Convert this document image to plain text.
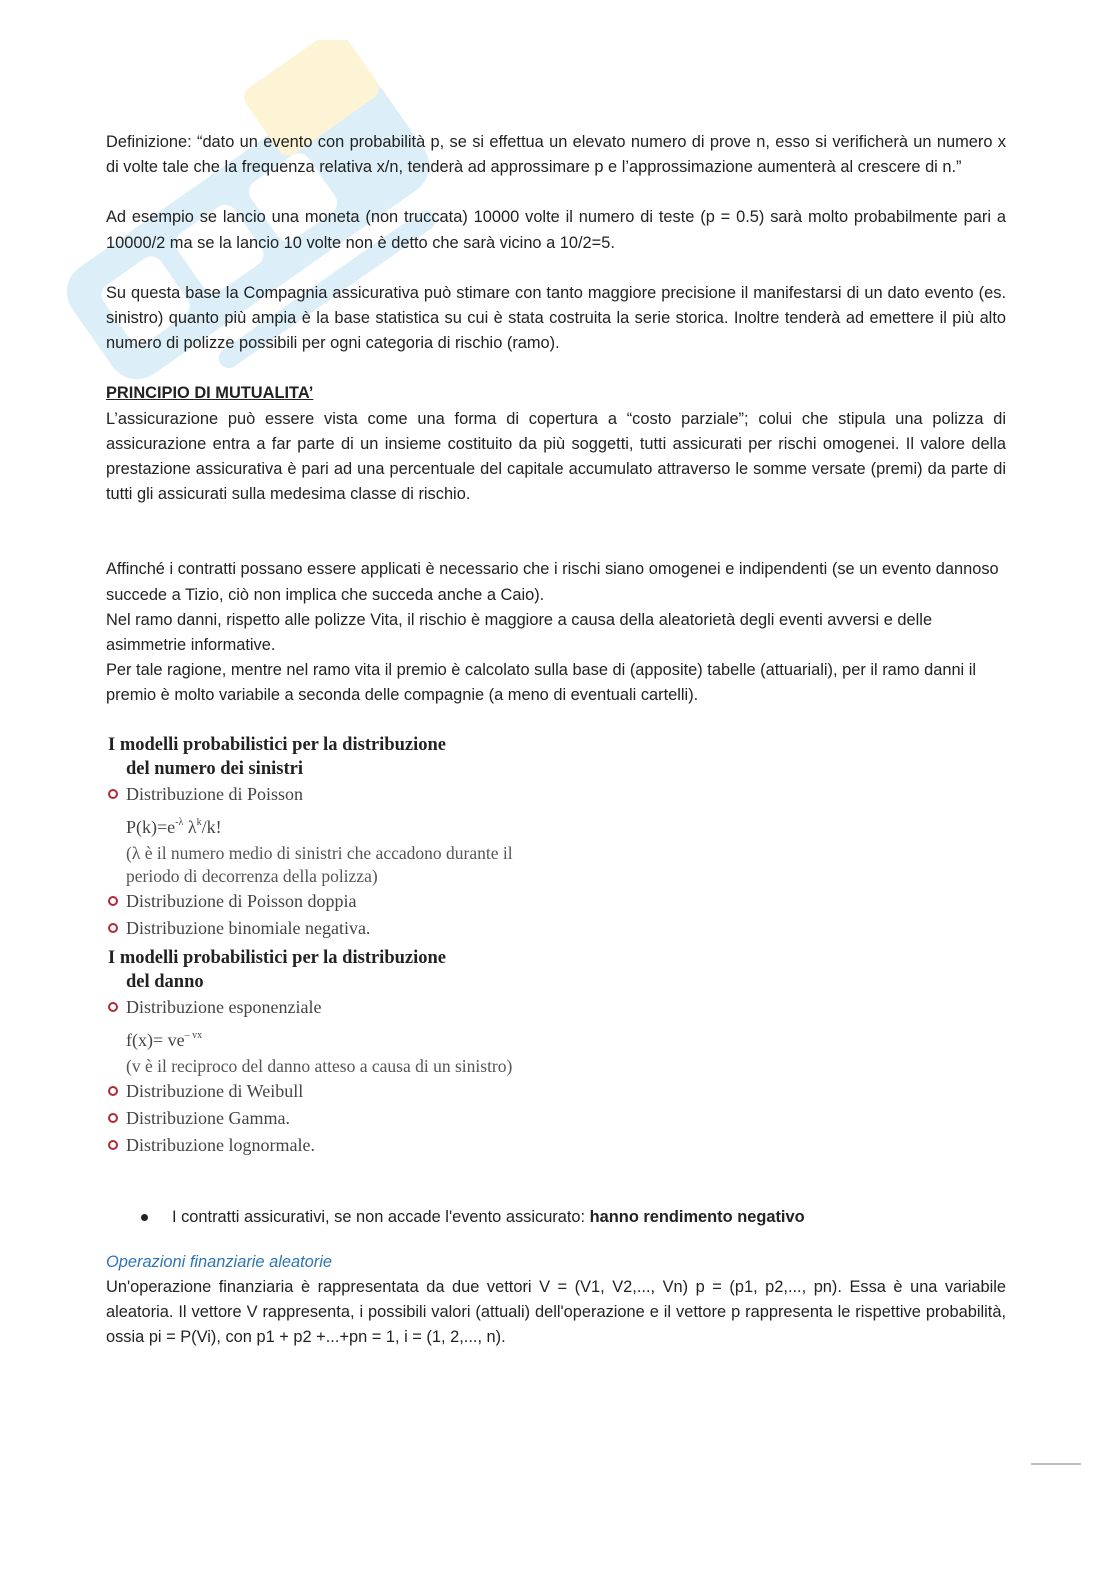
Definizione: “dato un evento con probabilità p, se si effettua un elevato numero di prove n, esso si verificherà un numero x di volte tale che la frequenza relativa x/n, tenderà ad approssimare p e l’approssimazione aumenterà al crescere di n.”

Ad esempio se lancio una moneta (non truccata) 10000 volte il numero di teste (p = 0.5) sarà molto probabilmente pari a 10000/2 ma se la lancio 10 volte non è detto che sarà vicino a 10/2=5.

Su questa base la Compagnia assicurativa può stimare con tanto maggiore precisione il manifestarsi di un dato evento (es. sinistro) quanto più ampia è la base statistica su cui è stata costruita la serie storica. Inoltre tenderà ad emettere il più alto numero di polizze possibili per ogni categoria di rischio (ramo).

PRINCIPIO DI MUTUALITA’

L’assicurazione può essere vista come una forma di copertura a “costo parziale”; colui che stipula una polizza di assicurazione entra a far parte di un insieme costituito da più soggetti, tutti assicurati per rischi omogenei. Il valore della prestazione assicurativa è pari ad una percentuale del capitale accumulato attraverso le somme versate (premi) da parte di tutti gli assicurati sulla medesima classe di rischio.

Affinché i contratti possano essere applicati è necessario che i rischi siano omogenei e indipendenti (se un evento dannoso succede a Tizio, ciò non implica che succeda anche a Caio).

Nel ramo danni, rispetto alle polizze Vita, il rischio è maggiore a causa della aleatorietà degli eventi avversi e delle asimmetrie informative.

Per tale ragione, mentre nel ramo vita il premio è calcolato sulla base di (apposite) tabelle (attuariali), per il ramo danni il premio è molto variabile a seconda delle compagnie (a meno di eventuali cartelli).

I modelli probabilistici per la distribuzione
del numero dei sinistri
Distribuzione di Poisson
$P(k)=e^{-\lambda}$ $\lambda^k/k$!
(λ è il numero medio di sinistri che accadono durante il periodo di decorrenza della polizza)
Distribuzione di Poisson doppia
Distribuzione binomiale negativa.
I modelli probabilistici per la distribuzione
del danno
Distribuzione esponenziale
$f(x)= ve^{- vx}$
(v è il reciproco del danno atteso a causa di un sinistro)
Distribuzione di Weibull
Distribuzione Gamma.
Distribuzione lognormale.
I contratti assicurativi, se non accade l'evento assicurato: hanno rendimento negativo
Operazioni finanziarie aleatorie

Un'operazione finanziaria è rappresentata da due vettori V = (V1, V2,..., Vn) p = (p1, p2,..., pn). Essa è una variabile aleatoria. Il vettore V rappresenta, i possibili valori (attuali) dell'operazione e il vettore p rappresenta le rispettive probabilità, ossia pi = P(Vi), con p1 + p2 +...+pn = 1, i = (1, 2,..., n).
